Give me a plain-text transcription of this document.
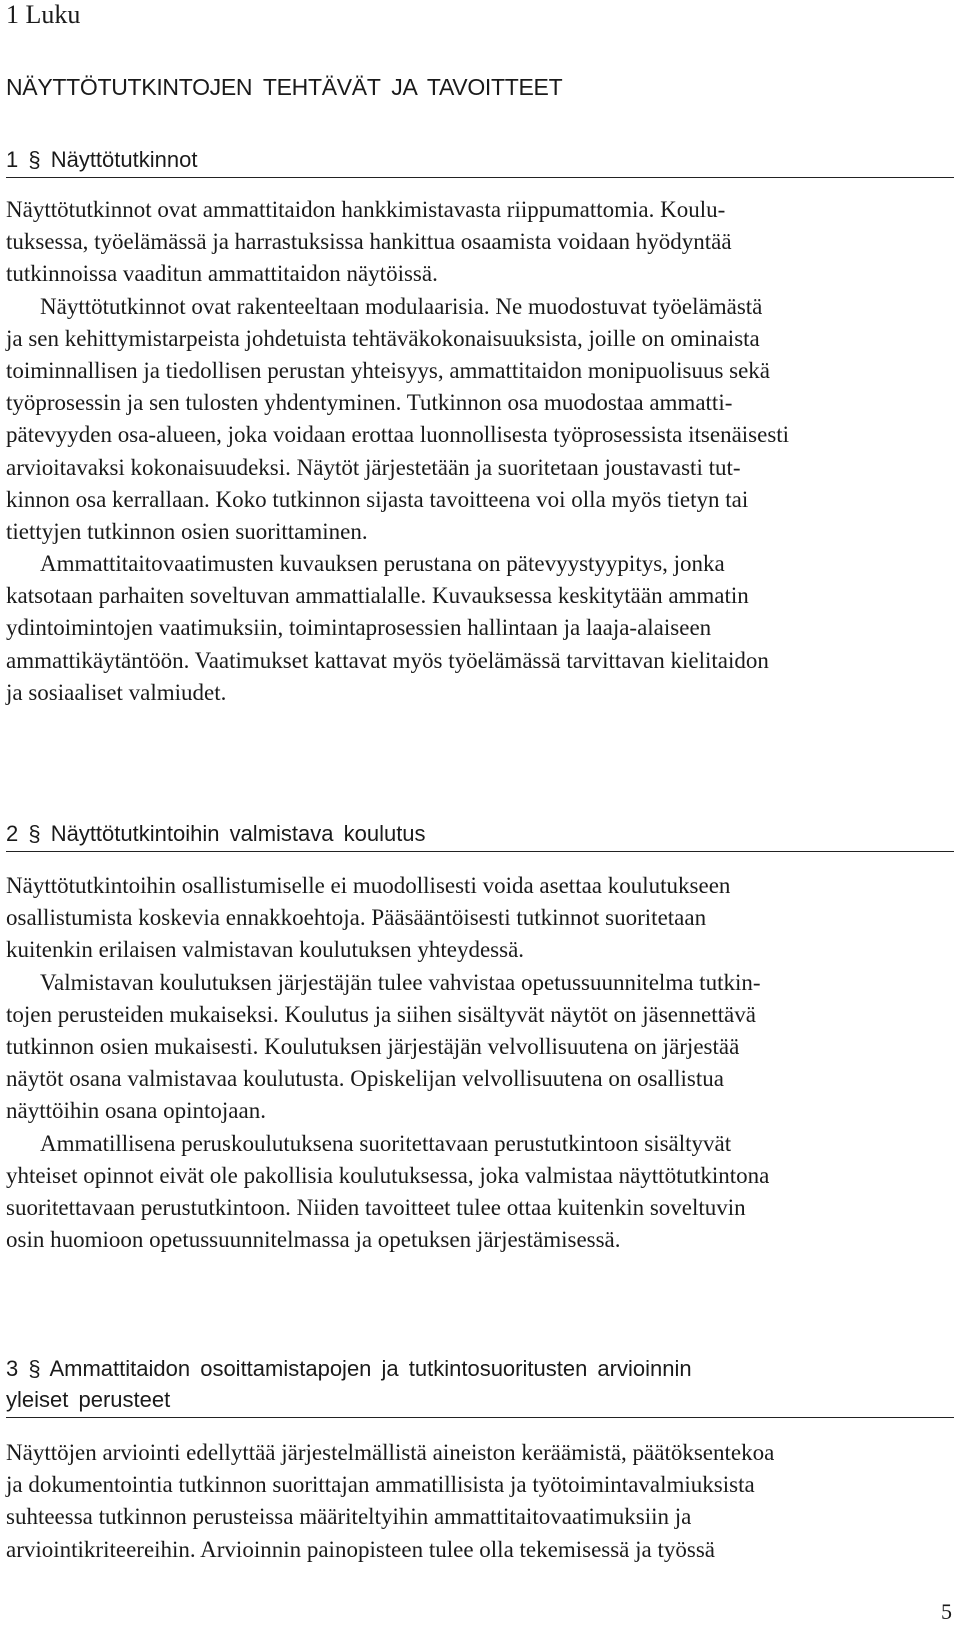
1 Luku
NÄYTTÖTUTKINTOJEN TEHTÄVÄT JA TAVOITTEET
1 § Näyttötutkinnot
Näyttötutkinnot ovat ammattitaidon hankkimistavasta riippumattomia. Koulu-
tuksessa, työelämässä ja harrastuksissa hankittua osaamista voidaan hyödyntää
tutkinnoissa vaaditun ammattitaidon näytöissä.
Näyttötutkinnot ovat rakenteeltaan modulaarisia. Ne muodostuvat työelämästä
ja sen kehittymistarpeista johdetuista tehtäväkokonaisuuksista, joille on ominaista
toiminnallisen ja tiedollisen perustan yhteisyys, ammattitaidon monipuolisuus sekä
työprosessin ja sen tulosten yhdentyminen. Tutkinnon osa muodostaa ammatti-
pätevyyden osa-alueen, joka voidaan erottaa luonnollisesta työprosessista itsenäisesti
arvioitavaksi kokonaisuudeksi. Näytöt järjestetään ja suoritetaan joustavasti tut-
kinnon osa kerrallaan. Koko tutkinnon sijasta tavoitteena voi olla myös tietyn tai
tiettyjen tutkinnon osien suorittaminen.
Ammattitaitovaatimusten kuvauksen perustana on pätevyystyypitys, jonka
katsotaan parhaiten soveltuvan ammattialalle. Kuvauksessa keskitytään ammatin
ydintoimintojen vaatimuksiin, toimintaprosessien hallintaan ja laaja-alaiseen
ammattikäytäntöön. Vaatimukset kattavat myös työelämässä tarvittavan kielitaidon
ja sosiaaliset valmiudet.
2 § Näyttötutkintoihin valmistava koulutus
Näyttötutkintoihin osallistumiselle ei muodollisesti voida asettaa koulutukseen
osallistumista koskevia ennakkoehtoja. Pääsääntöisesti tutkinnot suoritetaan
kuitenkin erilaisen valmistavan koulutuksen yhteydessä.
Valmistavan koulutuksen järjestäjän tulee vahvistaa opetussuunnitelma tutkin-
tojen perusteiden mukaiseksi. Koulutus ja siihen sisältyvät näytöt on jäsennettävä
tutkinnon osien mukaisesti. Koulutuksen järjestäjän velvollisuutena on järjestää
näytöt osana valmistavaa koulutusta. Opiskelijan velvollisuutena on osallistua
näyttöihin osana opintojaan.
Ammatillisena peruskoulutuksena suoritettavaan perustutkintoon sisältyvät
yhteiset opinnot eivät ole pakollisia koulutuksessa, joka valmistaa näyttötutkintona
suoritettavaan perustutkintoon. Niiden tavoitteet tulee ottaa kuitenkin soveltuvin
osin huomioon opetussuunnitelmassa ja opetuksen järjestämisessä.
3 § Ammattitaidon osoittamistapojen ja tutkintosuoritusten arvioinnin
yleiset perusteet
Näyttöjen arviointi edellyttää järjestelmällistä aineiston keräämistä, päätöksentekoa
ja dokumentointia tutkinnon suorittajan ammatillisista ja työtoimintavalmiuksista
suhteessa tutkinnon perusteissa määriteltyihin ammattitaitovaatimuksiin ja
arviointikriteereihin. Arvioinnin painopisteen tulee olla tekemisessä ja työssä
5
